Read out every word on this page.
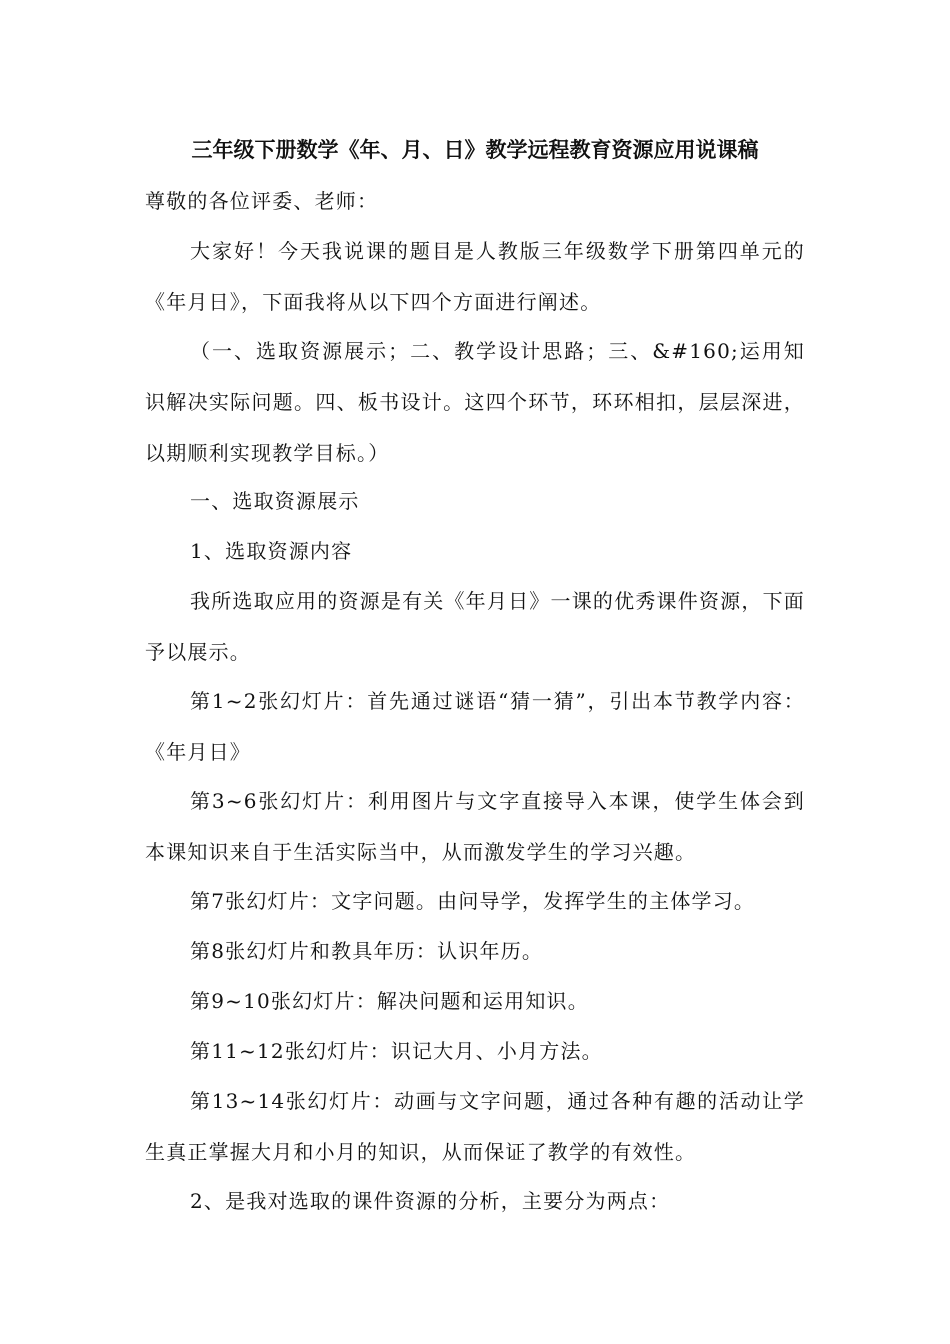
三年级下册数学《年、月、日》教学远程教育资源应用说课稿

尊敬的各位评委、老师：

大家好！今天我说课的题目是人教版三年级数学下册第四单元的《年月日》，下面我将从以下四个方面进行阐述。

（一、选取资源展示；二、教学设计思路；三、&#160;运用知识解决实际问题。四、板书设计。这四个环节，环环相扣，层层深进，以期顺利实现教学目标。）

一、选取资源展示

1、选取资源内容

我所选取应用的资源是有关《年月日》一课的优秀课件资源，下面予以展示。

第1~2张幻灯片：首先通过谜语“猜一猜”，引出本节教学内容：《年月日》

第3~6张幻灯片：利用图片与文字直接导入本课，使学生体会到本课知识来自于生活实际当中，从而激发学生的学习兴趣。

第7张幻灯片：文字问题。由问导学，发挥学生的主体学习。

第8张幻灯片和教具年历：认识年历。

第9~10张幻灯片：解决问题和运用知识。

第11~12张幻灯片：识记大月、小月方法。

第13~14张幻灯片：动画与文字问题，通过各种有趣的活动让学生真正掌握大月和小月的知识，从而保证了教学的有效性。

2、是我对选取的课件资源的分析，主要分为两点：
